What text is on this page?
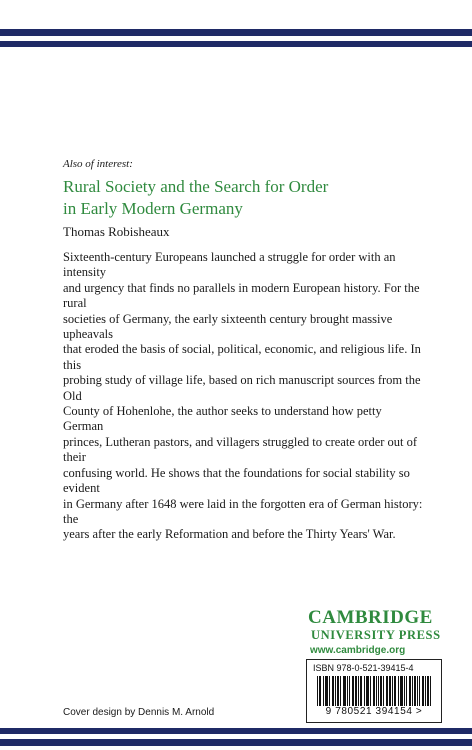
Also of interest:
Rural Society and the Search for Order
in Early Modern Germany
Thomas Robisheaux
Sixteenth-century Europeans launched a struggle for order with an intensity
and urgency that finds no parallels in modern European history. For the rural
societies of Germany, the early sixteenth century brought massive upheavals
that eroded the basis of social, political, economic, and religious life. In this
probing study of village life, based on rich manuscript sources from the Old
County of Hohenlohe, the author seeks to understand how petty German
princes, Lutheran pastors, and villagers struggled to create order out of their
confusing world. He shows that the foundations for social stability so evident
in Germany after 1648 were laid in the forgotten era of German history: the
years after the early Reformation and before the Thirty Years' War.
CAMBRIDGE
UNIVERSITY PRESS
www.cambridge.org
ISBN 978-0-521-39415-4
9 780521 394154 >
Cover design by Dennis M. Arnold
